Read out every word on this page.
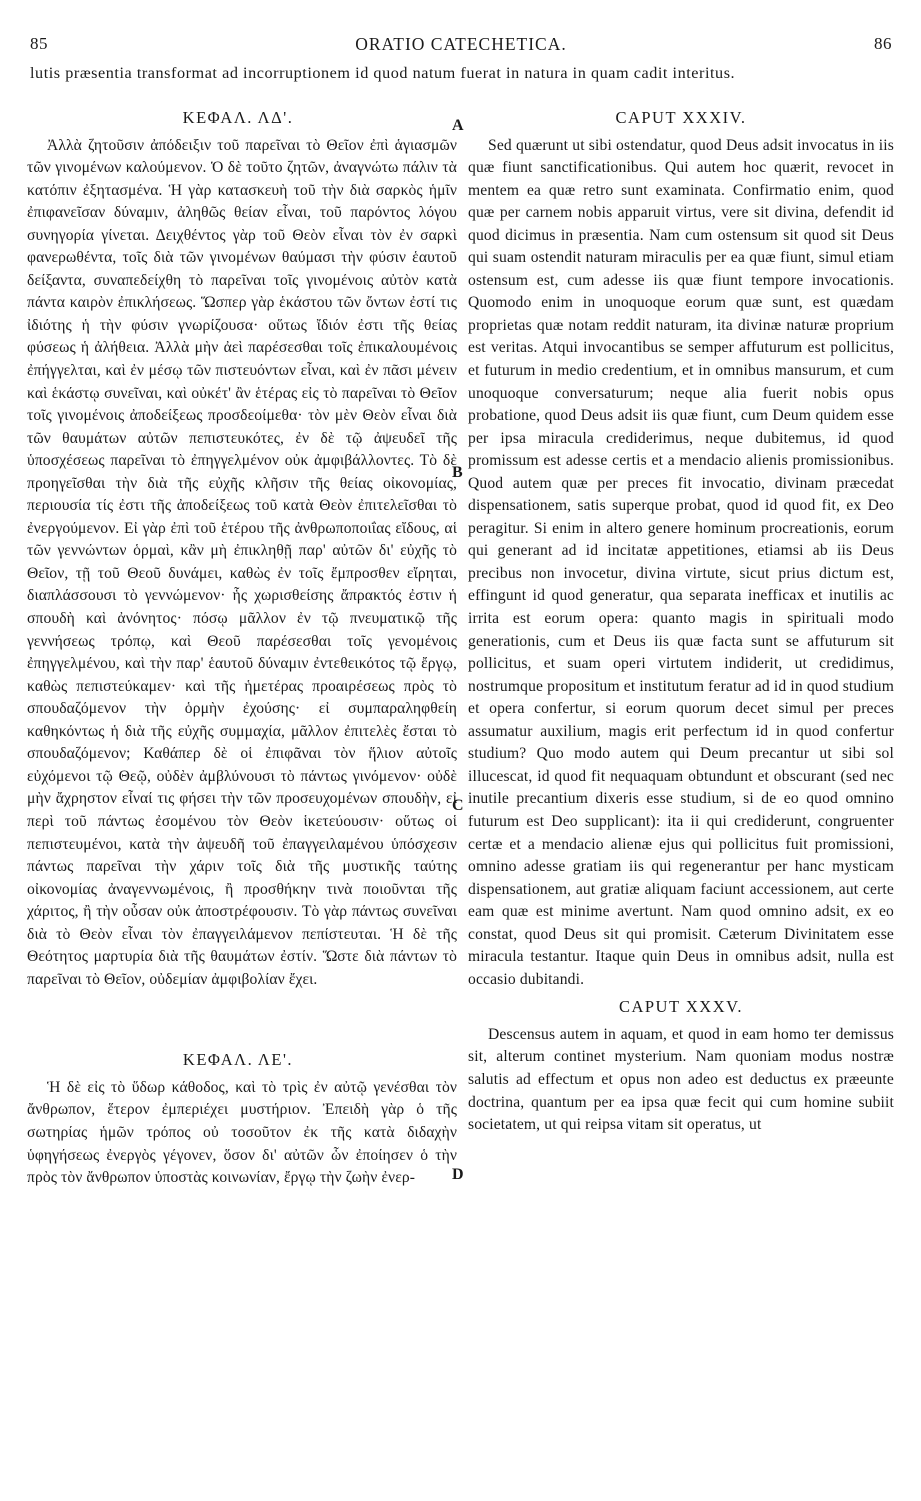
85	ORATIO CATECHETICA.	86
lutis præsentia transformat ad incorruptionem id quod natum fuerat in natura in quam cadit interitus.

ΚΕΦΑΛ. ΛΔ'.

Ἀλλὰ ζητοῦσιν ἀπόδειξιν τοῦ παρεῖναι τὸ Θεῖον ἐπὶ ἁγιασμῶν τῶν γινομένων καλούμενον. Ὁ δὲ τοῦτο ζητῶν, ἀναγνώτω πάλιν τὰ κατόπιν ἐξητασμένα. Ἡ γὰρ κατασκευὴ τοῦ τὴν διὰ σαρκὸς ἡμῖν ἐπιφανεῖσαν δύναμιν, ἀληθῶς θείαν εἶναι, τοῦ παρόντος λόγου συνηγορία γίνεται. Δειχθέντος γὰρ τοῦ Θεὸν εἶναι τὸν ἐν σαρκὶ φανερωθέντα, τοῖς διὰ τῶν γινομένων θαύμασι τὴν φύσιν ἑαυτοῦ δείξαντα, συναπεδείχθη τὸ παρεῖναι τοῖς γινομένοις αὐτὸν κατὰ πάντα καιρὸν ἐπικλήσεως. Ὥσπερ γὰρ ἑκάστου τῶν ὄντων ἐστί τις ἰδιότης ἡ τὴν φύσιν γνωρίζουσα· οὕτως ἴδιόν ἐστι τῆς θείας φύσεως ἡ ἀλήθεια. Ἀλλὰ μὴν ἀεὶ παρέσεσθαι τοῖς ἐπικαλουμένοις ἐπήγγελται, καὶ ἐν μέσῳ τῶν πιστευόντων εἶναι, καὶ ἐν πᾶσι μένειν καὶ ἑκάστῳ συνεῖναι, καὶ οὐκέτ' ἂν ἑτέρας εἰς τὸ παρεῖναι τὸ Θεῖον τοῖς γινομένοις ἀποδείξεως προσδεοίμεθα· τὸν μὲν Θεὸν εἶναι διὰ τῶν θαυμάτων αὐτῶν πεπιστευκότες, ἐν δὲ τῷ ἀψευδεῖ τῆς ὑποσχέσεως παρεῖναι τὸ ἐπηγγελμένον οὐκ ἀμφιβάλλοντες. Τὸ δὲ προηγεῖσθαι τὴν διὰ τῆς εὐχῆς κλῆσιν τῆς θείας οἰκονομίας, περιουσία τίς ἐστι τῆς ἀποδείξεως τοῦ κατὰ Θεὸν ἐπιτελεῖσθαι τὸ ἐνεργούμενον. Εἰ γὰρ ἐπὶ τοῦ ἑτέρου τῆς ἀνθρωποποιΐας εἴδους, αἱ τῶν γεννώντων ὁρμαὶ, κἂν μὴ ἐπικληθῇ παρ' αὐτῶν δι' εὐχῆς τὸ Θεῖον, τῇ τοῦ Θεοῦ δυνάμει, καθὼς ἐν τοῖς ἔμπροσθεν εἴρηται, διαπλάσσουσι τὸ γεννώμενον· ἧς χωρισθείσης ἄπρακτός ἐστιν ἡ σπουδὴ καὶ ἀνόνητος· πόσῳ μᾶλλον ἐν τῷ πνευματικῷ τῆς γεννήσεως τρόπῳ, καὶ Θεοῦ παρέσεσθαι τοῖς γενομένοις ἐπηγγελμένου, καὶ τὴν παρ' ἑαυτοῦ δύναμιν ἐντεθεικότος τῷ ἔργῳ, καθὼς πεπιστεύκαμεν· καὶ τῆς ἡμετέρας προαιρέσεως πρὸς τὸ σπουδαζόμενον τὴν ὁρμὴν ἐχούσης· εἰ συμπαραληφθείη καθηκόντως ἡ διὰ τῆς εὐχῆς συμμαχία, μᾶλλον ἐπιτελὲς ἔσται τὸ σπουδαζόμενον; Καθάπερ δὲ οἱ ἐπιφᾶναι τὸν ἥλιον αὐτοῖς εὐχόμενοι τῷ Θεῷ, οὐδὲν ἀμβλύνουσι τὸ πάντως γινόμενον· οὐδὲ μὴν ἄχρηστον εἶναί τις φήσει τὴν τῶν προσευχομένων σπουδὴν, εἰ περὶ τοῦ πάντως ἐσομένου τὸν Θεὸν ἱκετεύουσιν· οὕτως οἱ πεπιστευμένοι, κατὰ τὴν ἀψευδῆ τοῦ ἐπαγγειλαμένου ὑπόσχεσιν πάντως παρεῖναι τὴν χάριν τοῖς διὰ τῆς μυστικῆς ταύτης οἰκονομίας ἀναγεννωμένοις, ἢ προσθήκην τινὰ ποιοῦνται τῆς χάριτος, ἢ τὴν οὖσαν οὐκ ἀποστρέφουσιν. Τὸ γὰρ πάντως συνεῖναι διὰ τὸ Θεὸν εἶναι τὸν ἐπαγγειλάμενον πεπίστευται. Ἡ δὲ τῆς Θεότητος μαρτυρία διὰ τῆς θαυμάτων ἐστίν. Ὥστε διὰ πάντων τὸ παρεῖναι τὸ Θεῖον, οὐδεμίαν ἀμφιβολίαν ἔχει.

ΚΕΦΑΛ. ΛΕ'.

Ἡ δὲ εἰς τὸ ὕδωρ κάθοδος, καὶ τὸ τρὶς ἐν αὐτῷ γενέσθαι τὸν ἄνθρωπον, ἕτερον ἐμπεριέχει μυστήριον. Ἐπειδὴ γὰρ ὁ τῆς σωτηρίας ἡμῶν τρόπος οὐ τοσοῦτον ἐκ τῆς κατὰ διδαχὴν ὑφηγήσεως ἐνεργὸς γέγονεν, ὅσον δι' αὐτῶν ὧν ἐποίησεν ὁ τὴν πρὸς τὸν ἄνθρωπον ὑποστὰς κοινωνίαν, ἔργῳ τὴν ζωὴν ἐνερ-

A
B
C
D

CAPUT XXXIV.

Sed quærunt ut sibi ostendatur, quod Deus adsit invocatus in iis quæ fiunt sanctificationibus. Qui autem hoc quærit, revocet in mentem ea quæ retro sunt examinata. Confirmatio enim, quod quæ per carnem nobis apparuit virtus, vere sit divina, defendit id quod dicimus in præsentia. Nam cum ostensum sit quod sit Deus qui suam ostendit naturam miraculis per ea quæ fiunt, simul etiam ostensum est, cum adesse iis quæ fiunt tempore invocationis. Quomodo enim in unoquoque eorum quæ sunt, est quædam proprietas quæ notam reddit naturam, ita divinæ naturæ proprium est veritas. Atqui invocantibus se semper affuturum est pollicitus, et futurum in medio credentium, et in omnibus mansurum, et cum unoquoque conversaturum; neque alia fuerit nobis opus probatione, quod Deus adsit iis quæ fiunt, cum Deum quidem esse per ipsa miracula crediderimus, neque dubitemus, id quod promissum est adesse certis et a mendacio alienis promissionibus. Quod autem quæ per preces fit invocatio, divinam præcedat dispensationem, satis superque probat, quod id quod fit, ex Deo peragitur. Si enim in altero genere hominum procreationis, eorum qui generant ad id incitatæ appetitiones, etiamsi ab iis Deus precibus non invocetur, divina virtute, sicut prius dictum est, effingunt id quod generatur, qua separata inefficax et inutilis ac irrita est eorum opera: quanto magis in spirituali modo generationis, cum et Deus iis quæ facta sunt se affuturum sit pollicitus, et suam operi virtutem indiderit, ut credidimus, nostrumque propositum et institutum feratur ad id in quod studium et opera confertur, si eorum quorum decet simul per preces assumatur auxilium, magis erit perfectum id in quod confertur studium? Quo modo autem qui Deum precantur ut sibi sol illucescat, id quod fit nequaquam obtundunt et obscurant (sed nec inutile precantium dixeris esse studium, si de eo quod omnino futurum est Deo supplicant): ita ii qui crediderunt, congruenter certæ et a mendacio alienæ ejus qui pollicitus fuit promissioni, omnino adesse gratiam iis qui regenerantur per hanc mysticam dispensationem, aut gratiæ aliquam faciunt accessionem, aut certe eam quæ est minime avertunt. Nam quod omnino adsit, ex eo constat, quod Deus sit qui promisit. Cæterum Divinitatem esse miracula testantur. Itaque quin Deus in omnibus adsit, nulla est occasio dubitandi.

CAPUT XXXV.

Descensus autem in aquam, et quod in eam homo ter demissus sit, alterum continet mysterium. Nam quoniam modus nostræ salutis ad effectum et opus non adeo est deductus ex præeunte doctrina, quantum per ea ipsa quæ fecit qui cum homine subiit societatem, ut qui reipsa vitam sit operatus, ut
